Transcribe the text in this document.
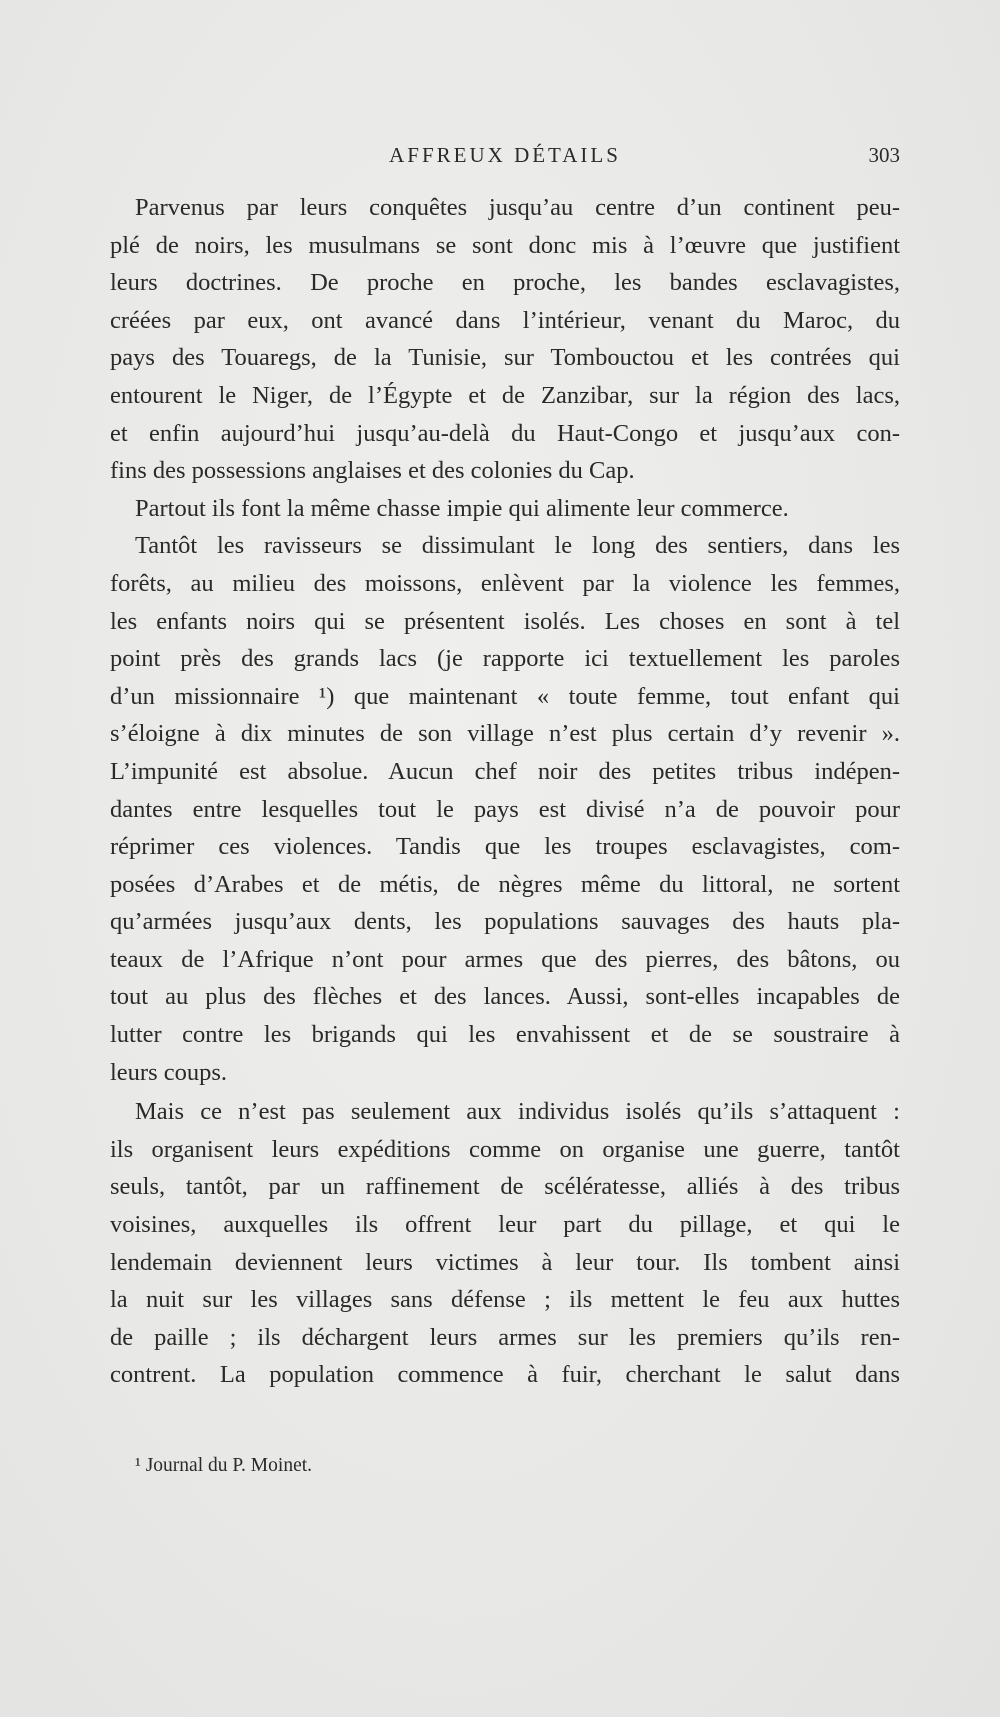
AFFREUX DÉTAILS	303
Parvenus par leurs conquêtes jusqu’au centre d’un continent peu-
plé de noirs, les musulmans se sont donc mis à l’œuvre que justifient
leurs doctrines. De proche en proche, les bandes esclavagistes,
créées par eux, ont avancé dans l’intérieur, venant du Maroc, du
pays des Touaregs, de la Tunisie, sur Tombouctou et les contrées qui
entourent le Niger, de l’Égypte et de Zanzibar, sur la région des lacs,
et enfin aujourd’hui jusqu’au-delà du Haut-Congo et jusqu’aux con-
fins des possessions anglaises et des colonies du Cap.
Partout ils font la même chasse impie qui alimente leur commerce.
Tantôt les ravisseurs se dissimulant le long des sentiers, dans les
forêts, au milieu des moissons, enlèvent par la violence les femmes,
les enfants noirs qui se présentent isolés. Les choses en sont à tel
point près des grands lacs (je rapporte ici textuellement les paroles
d’un missionnaire ¹) que maintenant « toute femme, tout enfant qui
s’éloigne à dix minutes de son village n’est plus certain d’y revenir ».
L’impunité est absolue. Aucun chef noir des petites tribus indépen-
dantes entre lesquelles tout le pays est divisé n’a de pouvoir pour
réprimer ces violences. Tandis que les troupes esclavagistes, com-
posées d’Arabes et de métis, de nègres même du littoral, ne sortent
qu’armées jusqu’aux dents, les populations sauvages des hauts pla-
teaux de l’Afrique n’ont pour armes que des pierres, des bâtons, ou
tout au plus des flèches et des lances. Aussi, sont-elles incapables de
lutter contre les brigands qui les envahissent et de se soustraire à
leurs coups.
Mais ce n’est pas seulement aux individus isolés qu’ils s’attaquent :
ils organisent leurs expéditions comme on organise une guerre, tantôt
seuls, tantôt, par un raffinement de scélératesse, alliés à des tribus
voisines, auxquelles ils offrent leur part du pillage, et qui le
lendemain deviennent leurs victimes à leur tour. Ils tombent ainsi
la nuit sur les villages sans défense ; ils mettent le feu aux huttes
de paille ; ils déchargent leurs armes sur les premiers qu’ils ren-
contrent. La population commence à fuir, cherchant le salut dans
¹ Journal du P. Moinet.
